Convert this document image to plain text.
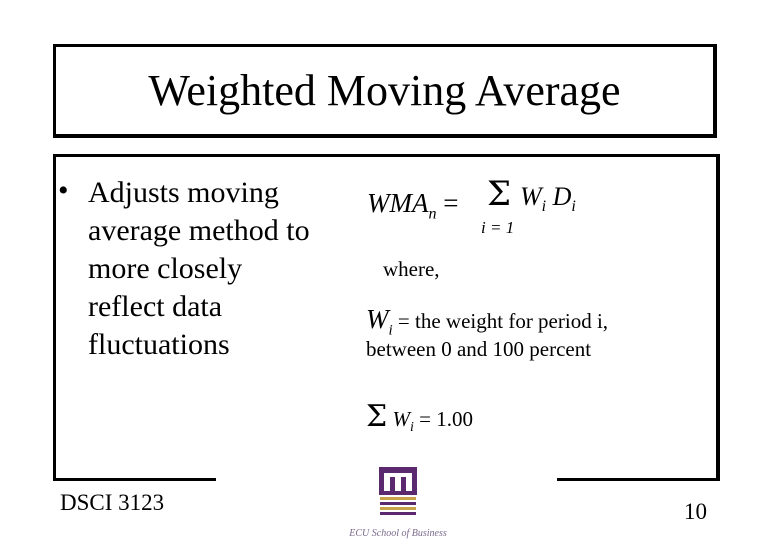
Weighted Moving Average
• Adjusts moving average method to more closely reflect data fluctuations
$WMA_n = \Sigma$ $W_i$ $D_i$
i = 1
where,
$W_i$ = the weight for period i,
between 0 and 100 percent
Σ $W_i = 1.00$
DSCI 3123	10
ECU School of Business
